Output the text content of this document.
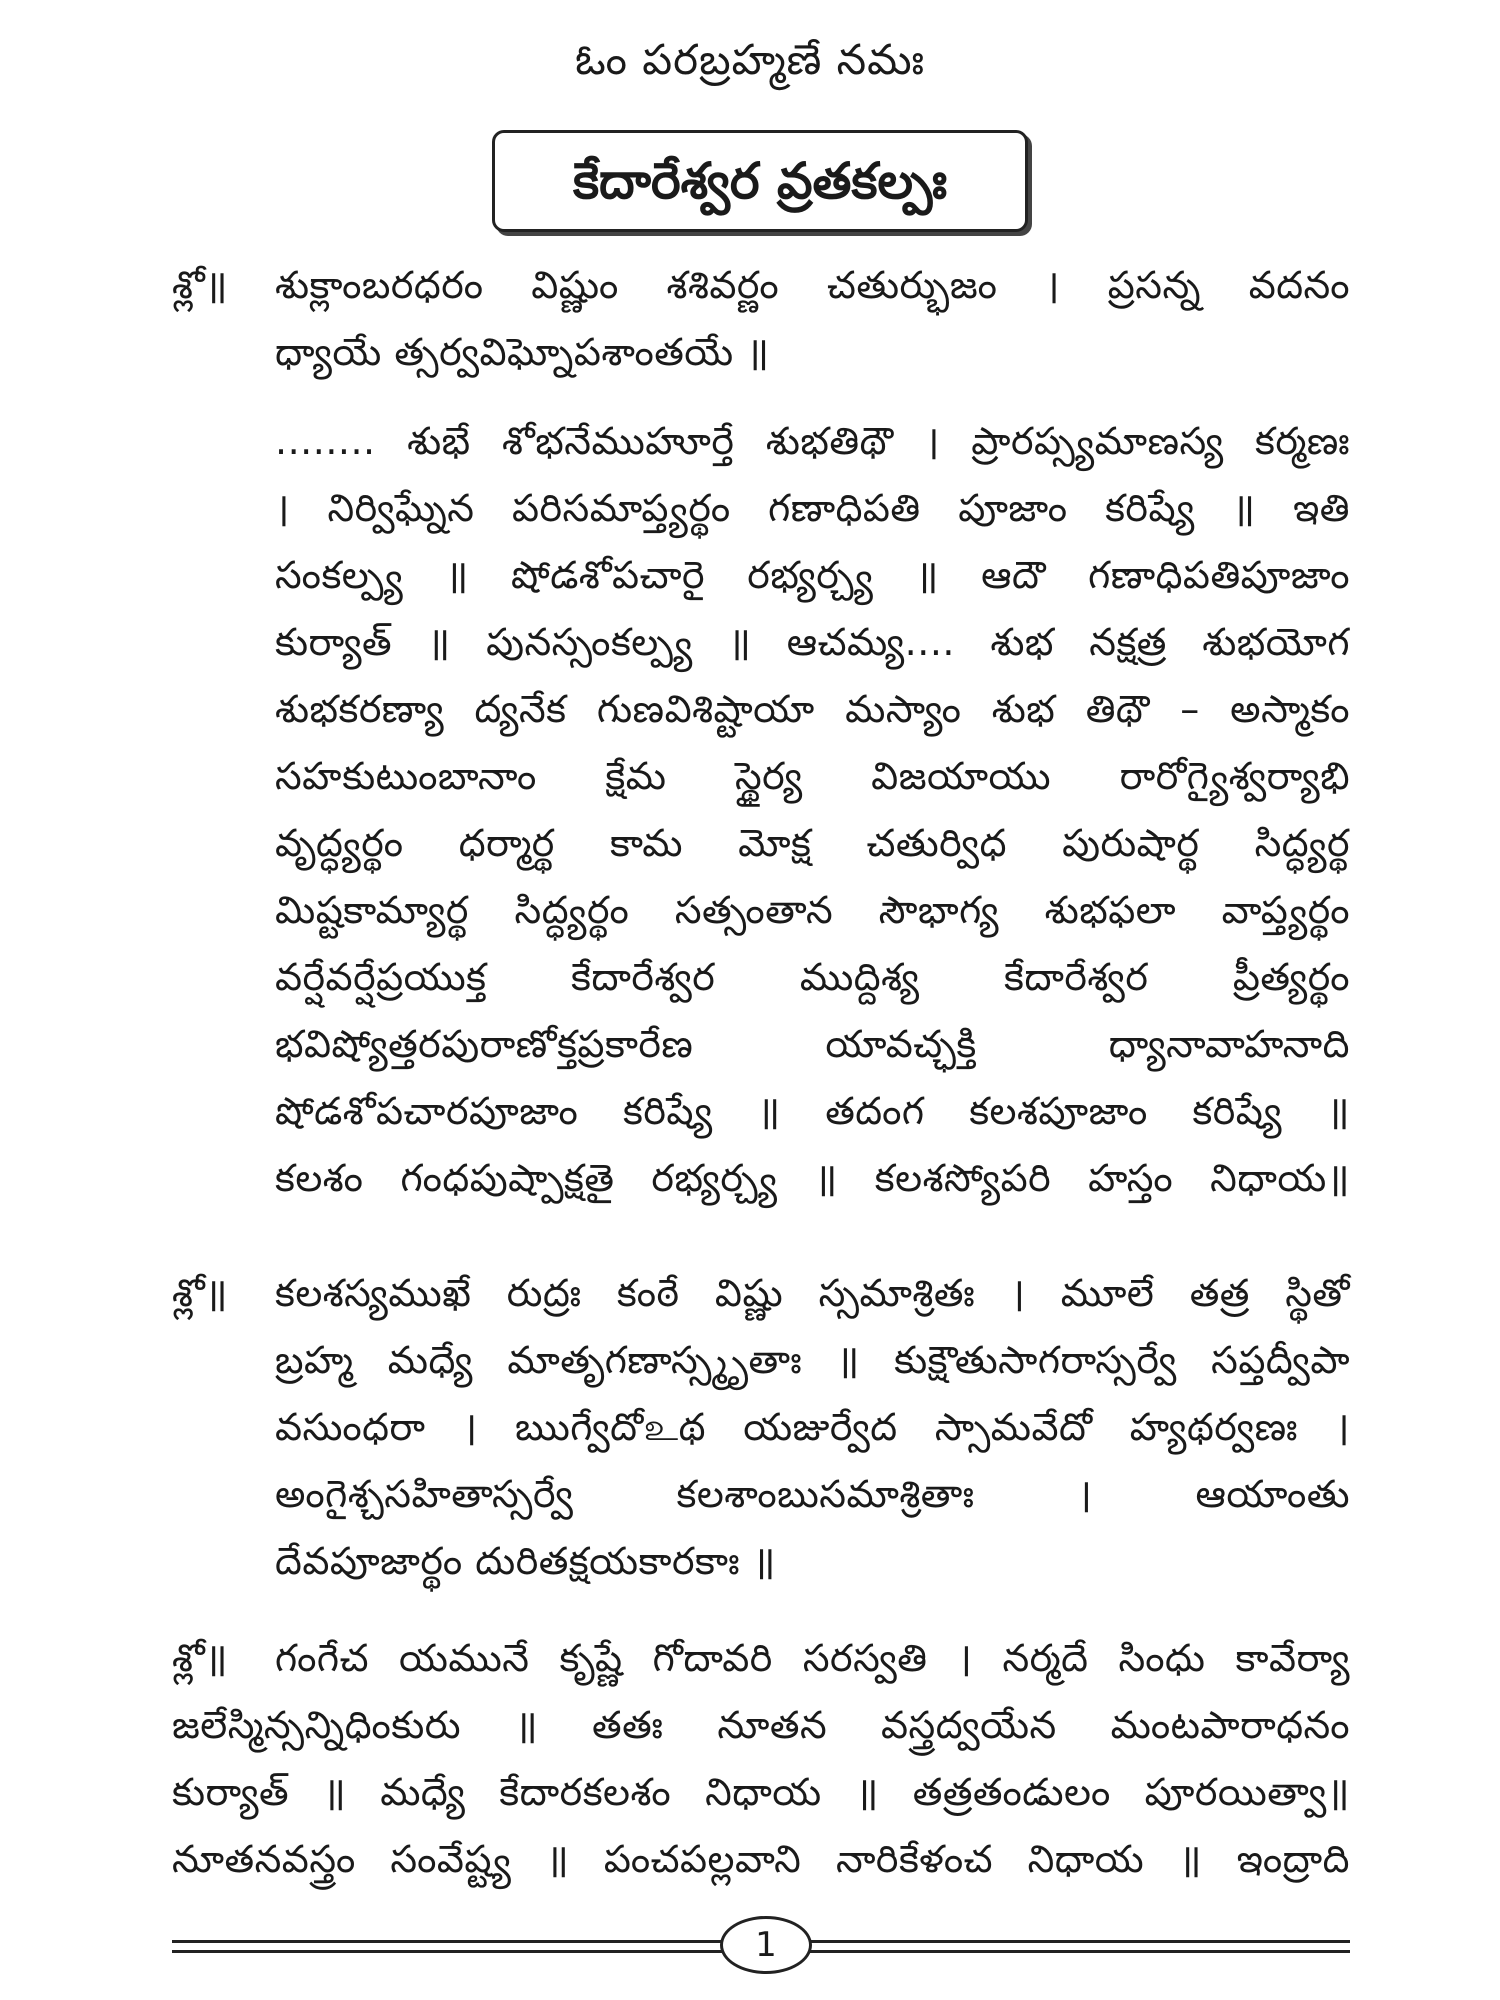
ఓం పరబ్రహ్మణే నమః
కేదారేశ్వర వ్రతకల్పః
శ్లో॥ శుక్లాంబరధరం విష్ణుం శశివర్ణం చతుర్భుజం । ప్రసన్న వదనం
ధ్యాయే త్సర్వవిఘ్నోపశాంతయే ॥
........ శుభే శోభనేముహూర్తే శుభతిథౌ । ప్రారప్స్యమాణస్య కర్మణః
। నిర్విఘ్నేన పరిసమాప్త్యర్థం గణాధిపతి పూజాం కరిష్యే ॥ ఇతి
సంకల్ప్య ॥ షోడశోపచారై రభ్యర్చ్య ॥ ఆదౌ గణాధిపతిపూజాం
కుర్యాత్ ॥ పునస్సంకల్ప్య ॥ ఆచమ్య.... శుభ నక్షత్ర శుభయోగ
శుభకరణ్యా ద్యనేక గుణవిశిష్టాయా మస్యాం శుభ తిథౌ – అస్మాకం
సహకుటుంబానాం క్షేమ స్థైర్య విజయాయు రారోగ్యైశ్వర్యాభి
వృద్ధ్యర్థం ధర్మార్థ కామ మోక్ష చతుర్విధ పురుషార్థ సిద్ధ్యర్థ
మిష్టకామ్యార్థ సిద్ధ్యర్థం సత్సంతాన సౌభాగ్య శుభఫలా వాప్త్యర్థం
వర్షేవర్షేప్రయుక్త కేదారేశ్వర ముద్దిశ్య కేదారేశ్వర ప్రీత్యర్థం
భవిష్యోత్తరపురాణోక్తప్రకారేణ యావచ్ఛక్తి ధ్యానావాహనాది
షోడశోపచారపూజాం కరిష్యే ॥ తదంగ కలశపూజాం కరిష్యే ॥
కలశం గంధపుష్పాక్షతై రభ్యర్చ్య ॥ కలశస్యోపరి హస్తం నిధాయ॥
శ్లో॥ కలశస్యముఖే రుద్రః కంఠే విష్ణు స్సమాశ్రితః । మూలే తత్ర స్థితో
బ్రహ్మ మధ్యే మాతృగణాస్స్మృతాః ॥ కుక్షౌతుసాగరాస్సర్వే సప్తద్వీపా
వసుంధరా । ఋగ్వేదోஉథ యజుర్వేద స్సామవేదో హ్యథర్వణః ।
అంగైశ్చసహితాస్సర్వే కలశాంబుసమాశ్రితాః । ఆయాంతు
దేవపూజార్థం దురితక్షయకారకాః ॥
శ్లో॥ గంగేచ యమునే కృష్ణే గోదావరి సరస్వతి । నర్మదే సింధు కావేర్యా
జలేస్మిన్సన్నిధింకురు ॥ తతః నూతన వస్త్రద్వయేన మంటపారాధనం
కుర్యాత్ ॥ మధ్యే కేదారకలశం నిధాయ ॥ తత్రతండులం పూరయిత్వా॥
నూతనవస్త్రం సంవేష్ట్య ॥ పంచపల్లవాని నారికేళంచ నిధాయ ॥ ఇంద్రాది
1
